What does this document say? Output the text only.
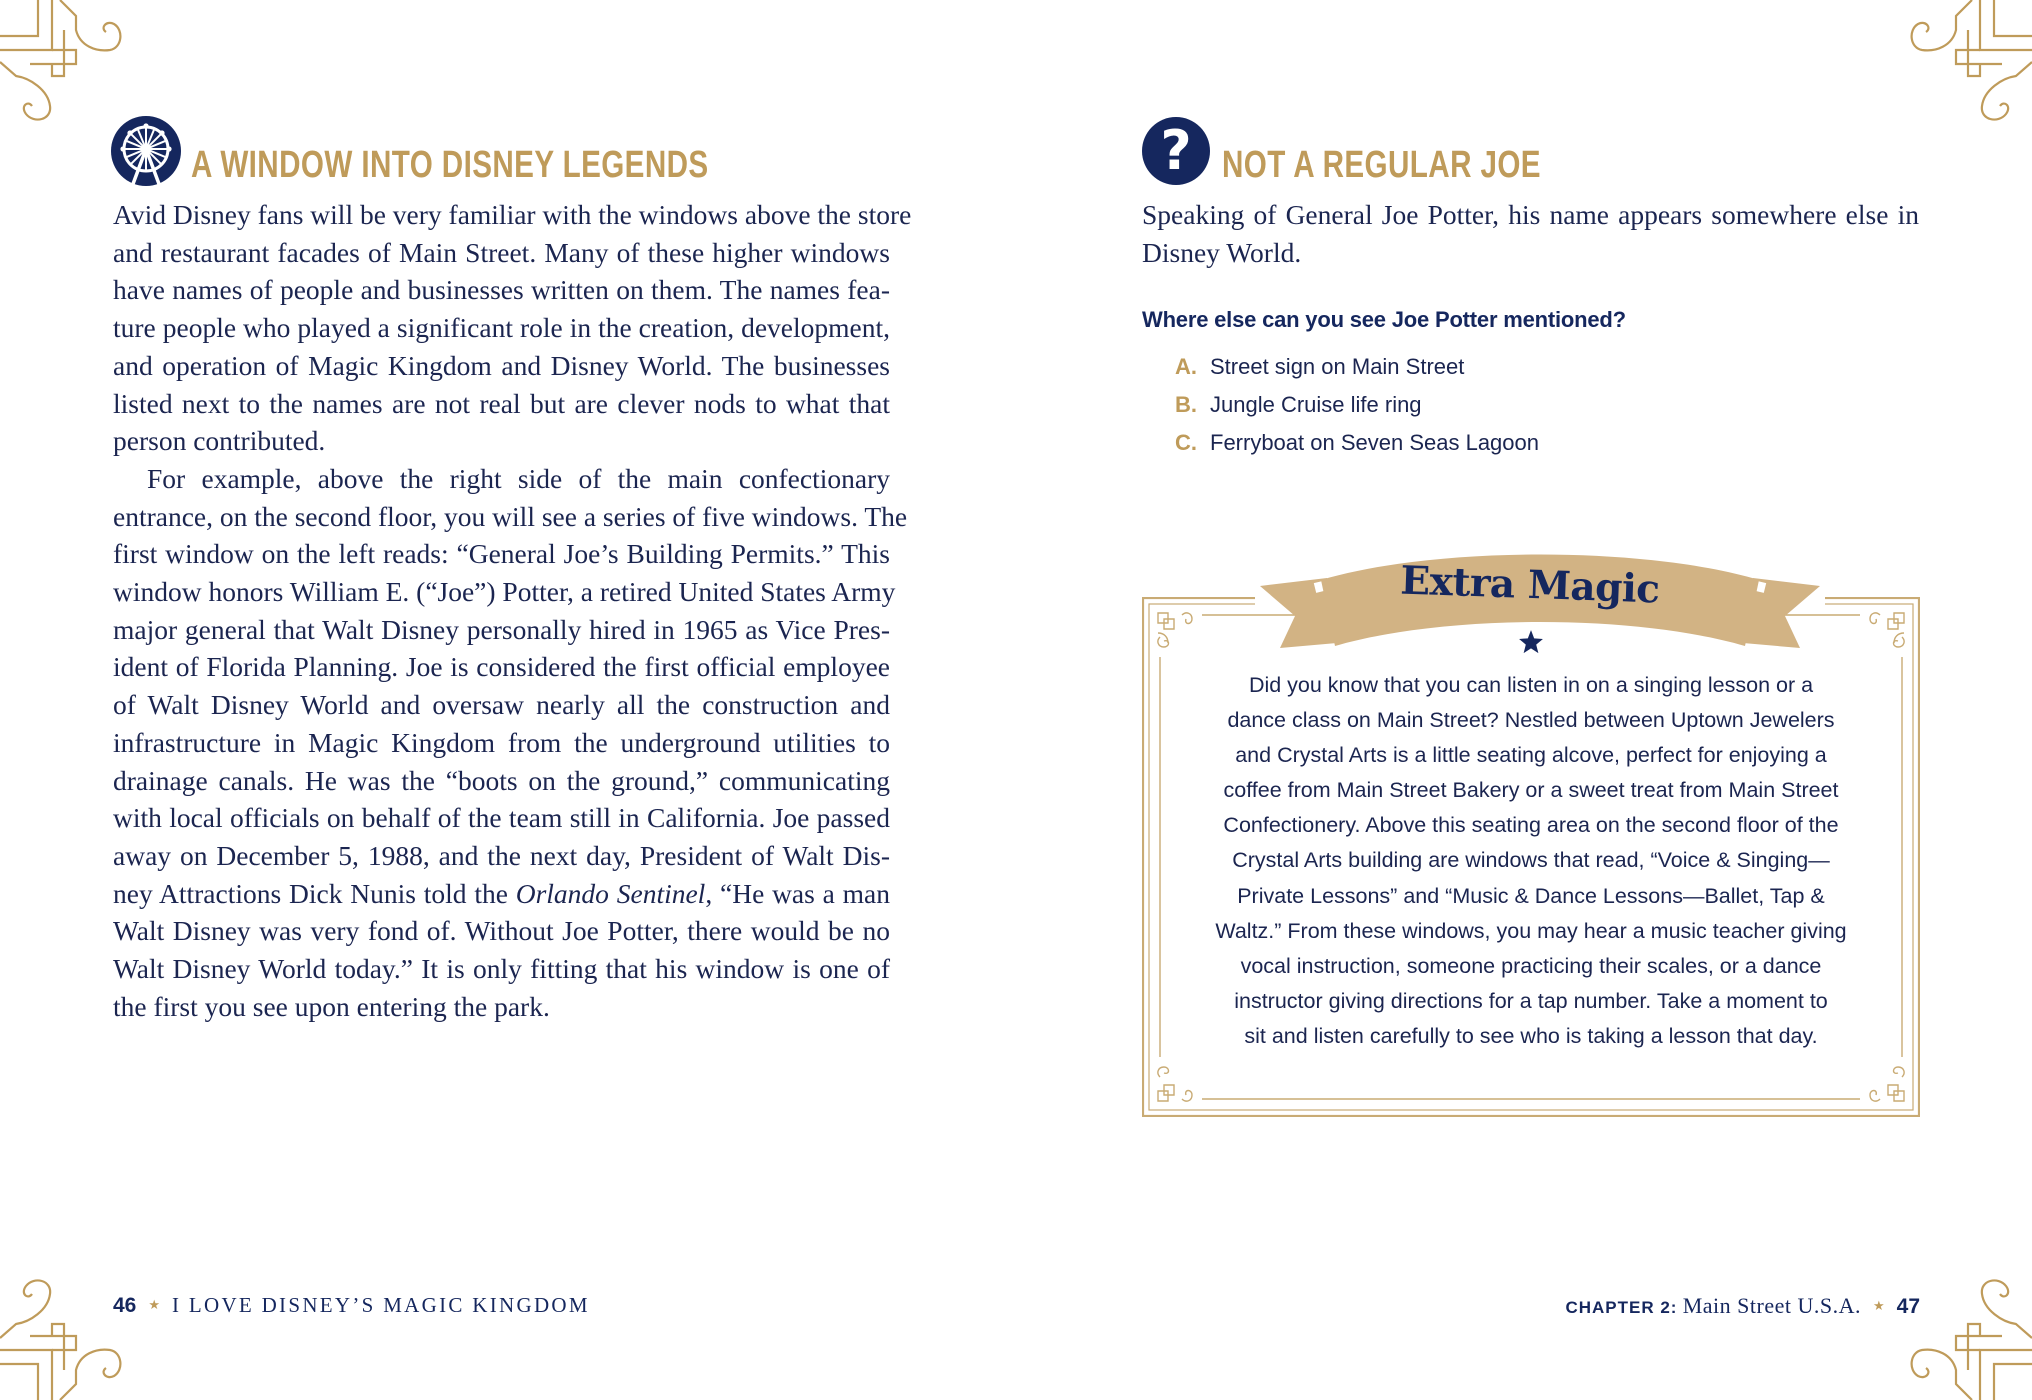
A WINDOW INTO DISNEY LEGENDS

Avid Disney fans will be very familiar with the windows above the store
and restaurant facades of Main Street. Many of these higher windows
have names of people and businesses written on them. The names fea-
ture people who played a significant role in the creation, development,
and operation of Magic Kingdom and Disney World. The businesses
listed next to the names are not real but are clever nods to what that
person contributed.

For example, above the right side of the main confectionary
entrance, on the second floor, you will see a series of five windows. The
first window on the left reads: “General Joe’s Building Permits.” This
window honors William E. (“Joe”) Potter, a retired United States Army
major general that Walt Disney personally hired in 1965 as Vice Pres-
ident of Florida Planning. Joe is considered the first official employee
of Walt Disney World and oversaw nearly all the construction and
infrastructure in Magic Kingdom from the underground utilities to
drainage canals. He was the “boots on the ground,” communicating
with local officials on behalf of the team still in California. Joe passed
away on December 5, 1988, and the next day, President of Walt Dis-
ney Attractions Dick Nunis told the Orlando Sentinel, “He was a man
Walt Disney was very fond of. Without Joe Potter, there would be no
Walt Disney World today.” It is only fitting that his window is one of
the first you see upon entering the park.

46 ★ I LOVE DISNEY’S MAGIC KINGDOM
? NOT A REGULAR JOE
Speaking of General Joe Potter, his name appears somewhere else in
Disney World.
Where else can you see Joe Potter mentioned?
A. Street sign on Main Street
B. Jungle Cruise life ring
C. Ferryboat on Seven Seas Lagoon
Extra Magic
Did you know that you can listen in on a singing lesson or a
dance class on Main Street? Nestled between Uptown Jewelers
and Crystal Arts is a little seating alcove, perfect for enjoying a
coffee from Main Street Bakery or a sweet treat from Main Street
Confectionery. Above this seating area on the second floor of the
Crystal Arts building are windows that read, “Voice & Singing—
Private Lessons” and “Music & Dance Lessons—Ballet, Tap &
Waltz.” From these windows, you may hear a music teacher giving
vocal instruction, someone practicing their scales, or a dance
instructor giving directions for a tap number. Take a moment to
sit and listen carefully to see who is taking a lesson that day.
CHAPTER 2: Main Street U.S.A. ★ 47
